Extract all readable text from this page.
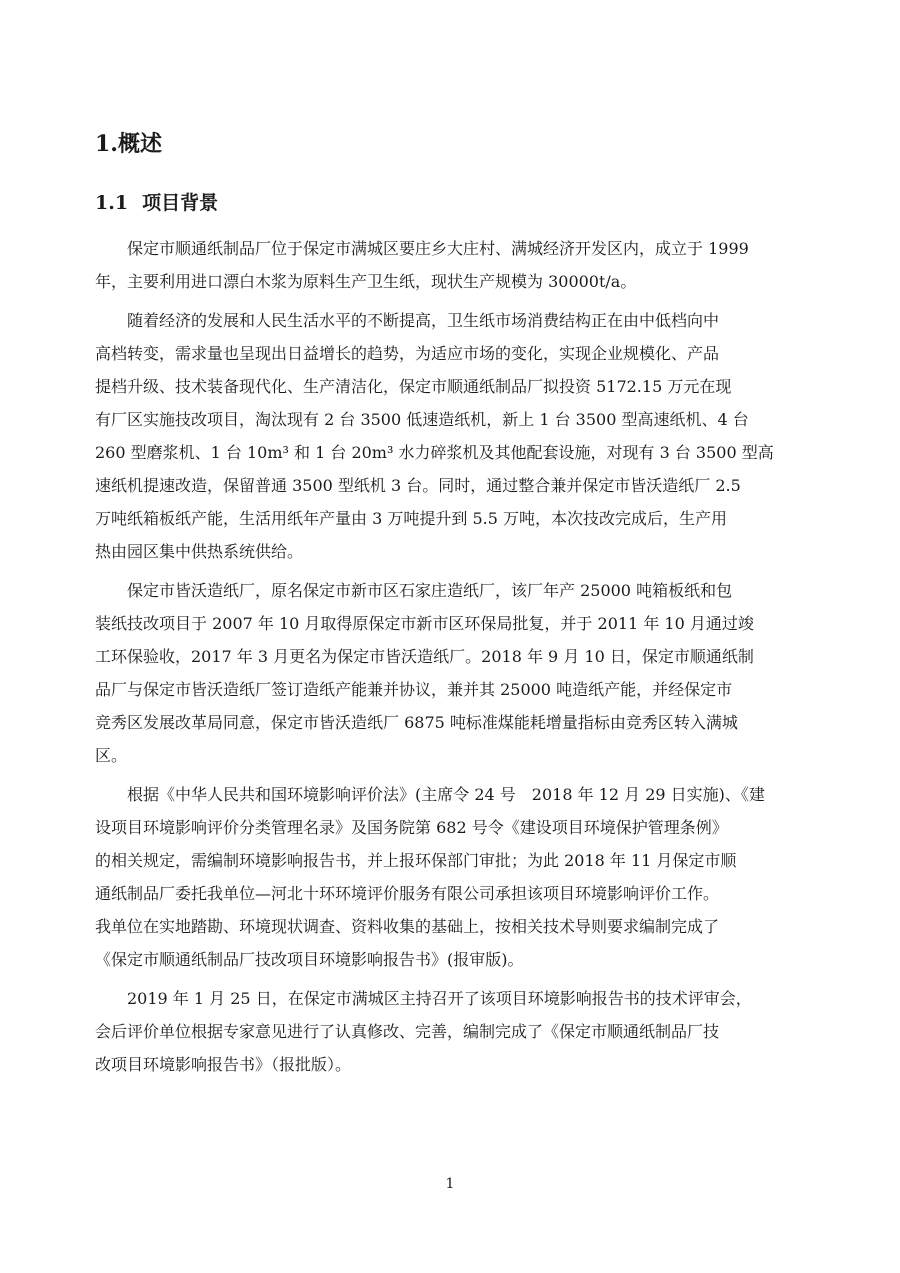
1.概述
1.1 项目背景

保定市顺通纸制品厂位于保定市满城区要庄乡大庄村、满城经济开发区内，成立于 1999
年，主要利用进口漂白木浆为原料生产卫生纸，现状生产规模为 30000t/a。

随着经济的发展和人民生活水平的不断提高，卫生纸市场消费结构正在由中低档向中
高档转变，需求量也呈现出日益增长的趋势，为适应市场的变化，实现企业规模化、产品
提档升级、技术装备现代化、生产清洁化，保定市顺通纸制品厂拟投资 5172.15 万元在现
有厂区实施技改项目，淘汰现有 2 台 3500 低速造纸机，新上 1 台 3500 型高速纸机、4 台
260 型磨浆机、1 台 10m³ 和 1 台 20m³ 水力碎浆机及其他配套设施，对现有 3 台 3500 型高
速纸机提速改造，保留普通 3500 型纸机 3 台。同时，通过整合兼并保定市皆沃造纸厂 2.5
万吨纸箱板纸产能，生活用纸年产量由 3 万吨提升到 5.5 万吨，本次技改完成后，生产用
热由园区集中供热系统供给。

保定市皆沃造纸厂，原名保定市新市区石家庄造纸厂，该厂年产 25000 吨箱板纸和包
装纸技改项目于 2007 年 10 月取得原保定市新市区环保局批复，并于 2011 年 10 月通过竣
工环保验收，2017 年 3 月更名为保定市皆沃造纸厂。2018 年 9 月 10 日，保定市顺通纸制
品厂与保定市皆沃造纸厂签订造纸产能兼并协议，兼并其 25000 吨造纸产能，并经保定市
竞秀区发展改革局同意，保定市皆沃造纸厂 6875 吨标准煤能耗增量指标由竞秀区转入满城
区。

根据《中华人民共和国环境影响评价法》(主席令 24 号　2018 年 12 月 29 日实施)、《建
设项目环境影响评价分类管理名录》及国务院第 682 号令《建设项目环境保护管理条例》
的相关规定，需编制环境影响报告书，并上报环保部门审批；为此 2018 年 11 月保定市顺
通纸制品厂委托我单位—河北十环环境评价服务有限公司承担该项目环境影响评价工作。
我单位在实地踏勘、环境现状调查、资料收集的基础上，按相关技术导则要求编制完成了
《保定市顺通纸制品厂技改项目环境影响报告书》(报审版)。

2019 年 1 月 25 日，在保定市满城区主持召开了该项目环境影响报告书的技术评审会，
会后评价单位根据专家意见进行了认真修改、完善，编制完成了《保定市顺通纸制品厂技
改项目环境影响报告书》（报批版）。

1
